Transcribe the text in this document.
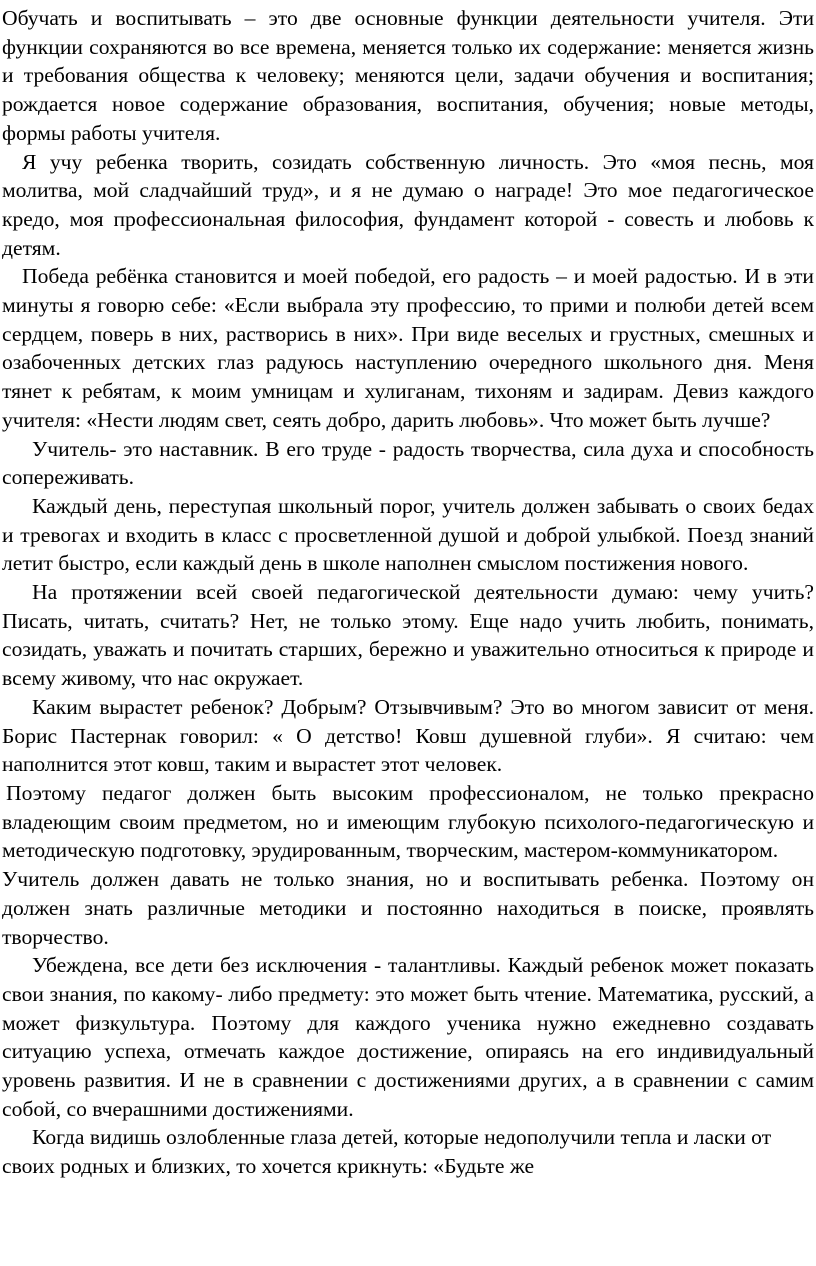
Обучать и воспитывать – это две основные функции деятельности учителя. Эти функции сохраняются во все времена, меняется только их содержание: меняется жизнь и требования общества к человеку; меняются цели, задачи обучения и воспитания; рождается новое содержание образования, воспитания, обучения; новые методы, формы работы учителя.

Я учу ребенка творить, созидать собственную личность. Это «моя песнь, моя молитва, мой сладчайший труд», и я не думаю о награде! Это мое педагогическое кредо, моя профессиональная философия, фундамент которой - совесть и любовь к детям.

Победа ребёнка становится и моей победой, его радость – и моей радостью. И в эти минуты я говорю себе: «Если выбрала эту профессию, то прими и полюби детей всем сердцем, поверь в них, растворись в них». При виде веселых и грустных, смешных и озабоченных детских глаз радуюсь наступлению очередного школьного дня. Меня тянет к ребятам, к моим умницам и хулиганам, тихоням и задирам. Девиз каждого учителя: «Нести людям свет, сеять добро, дарить любовь». Что может быть лучше?

Учитель- это наставник. В его труде - радость творчества, сила духа и способность сопереживать.

Каждый день, переступая школьный порог, учитель должен забывать о своих бедах и тревогах и входить в класс с просветленной душой и доброй улыбкой. Поезд знаний летит быстро, если каждый день в школе наполнен смыслом постижения нового.

На протяжении всей своей педагогической деятельности думаю: чему учить? Писать, читать, считать? Нет, не только этому. Еще надо учить любить, понимать, созидать, уважать и почитать старших, бережно и уважительно относиться к природе и всему живому, что нас окружает.

Каким вырастет ребенок? Добрым? Отзывчивым? Это во многом зависит от меня. Борис Пастернак говорил: « О детство! Ковш душевной глуби». Я считаю: чем наполнится этот ковш, таким и вырастет этот человек.

Поэтому педагог должен быть высоким профессионалом, не только прекрасно владеющим своим предметом, но и имеющим глубокую психолого-педагогическую и методическую подготовку, эрудированным, творческим, мастером-коммуникатором.

Учитель должен давать не только знания, но и воспитывать ребенка. Поэтому он должен знать различные методики и постоянно находиться в поиске, проявлять творчество.

Убеждена, все дети без исключения - талантливы. Каждый ребенок может показать свои знания, по какому- либо предмету: это может быть чтение. Математика, русский, а может физкультура. Поэтому для каждого ученика нужно ежедневно создавать ситуацию успеха, отмечать каждое достижение, опираясь на его индивидуальный уровень развития. И не в сравнении с достижениями других, а в сравнении с самим собой, со вчерашними достижениями.

Когда видишь озлобленные глаза детей, которые недополучили тепла и ласки от своих родных и близких, то хочется крикнуть: «Будьте же
